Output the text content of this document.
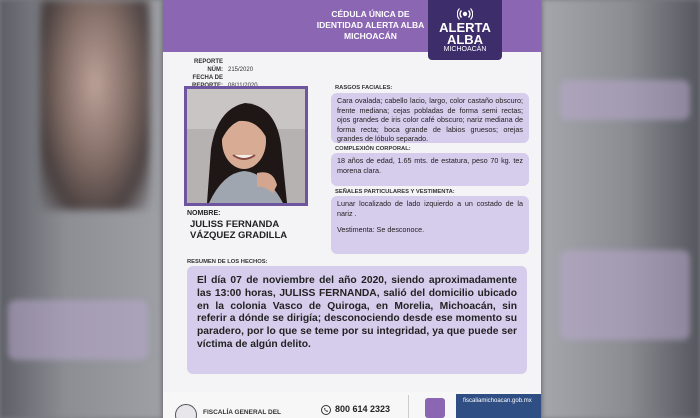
CÉDULA ÚNICA DE
IDENTIDAD ALERTA ALBA
MICHOACÁN
ALERTA
ALBA
MICHOACÁN
REPORTE NÚM: 215/2020
FECHA DE
NOMBRE:
JULISS FERNANDA
VÁZQUEZ GRADILLA
RASGOS FACIALES:
Cara ovalada; cabello lacio, largo, color castaño obscuro; frente mediana; cejas pobladas de forma semi rectas; ojos grandes de iris color café obscuro; nariz mediana de forma recta; boca grande de labios gruesos; orejas grandes de lóbulo separado.
COMPLEXIÓN CORPORAL:
18 años de edad, 1.65 mts. de estatura, peso 70 kg. tez morena clara.
SEÑALES PARTICULARES Y VESTIMENTA:

Lunar localizado de lado izquierdo a un costado de la nariz .

Vestimenta: Se desconoce.

RESUMEN DE LOS HECHOS:
El día 07 de noviembre del año 2020, siendo aproximadamente las 13:00 horas, JULISS FERNANDA, salió del domicilio ubicado en la colonia Vasco de Quiroga, en Morelia, Michoacán, sin referir a dónde se dirigía; desconociendo desde ese momento su paradero, por lo que se teme por su integridad, ya que puede ser víctima de algún delito.
FISCALÍA GENERAL DEL	800 614 2323
fiscaliamichoacan.gob.mx
